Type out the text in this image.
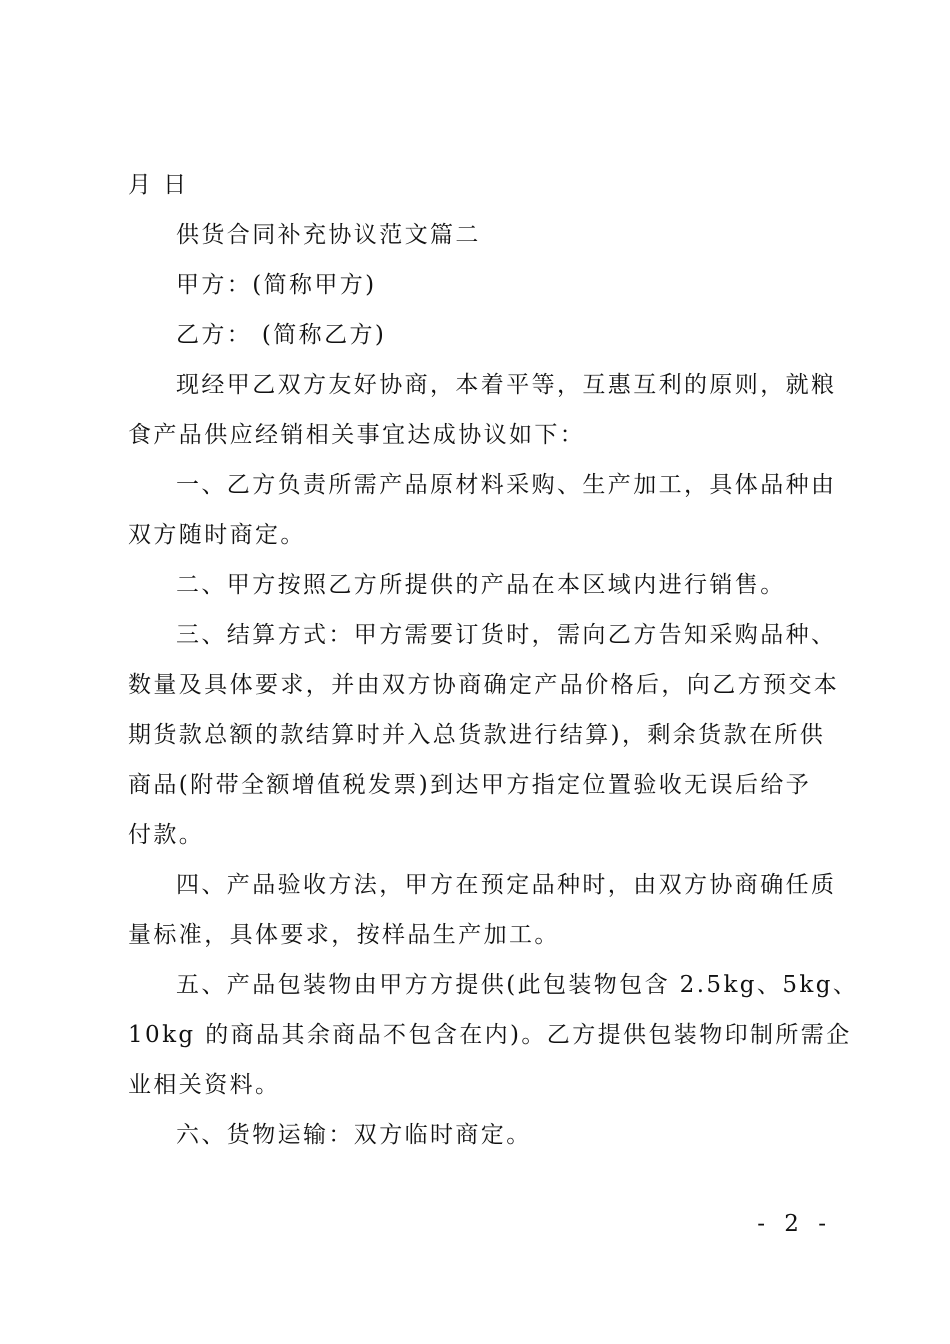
月 日

供货合同补充协议范文篇二

甲方：(简称甲方)

乙方： (简称乙方)

现经甲乙双方友好协商，本着平等，互惠互利的原则，就粮

食产品供应经销相关事宜达成协议如下：

一、乙方负责所需产品原材料采购、生产加工，具体品种由

双方随时商定。

二、甲方按照乙方所提供的产品在本区域内进行销售。

三、结算方式：甲方需要订货时，需向乙方告知采购品种、

数量及具体要求，并由双方协商确定产品价格后，向乙方预交本

期货款总额的款结算时并入总货款进行结算)，剩余货款在所供

商品(附带全额增值税发票)到达甲方指定位置验收无误后给予

付款。

四、产品验收方法，甲方在预定品种时，由双方协商确任质

量标准，具体要求，按样品生产加工。

五、产品包装物由甲方方提供(此包装物包含 2.5kg、5kg、

10kg 的商品其余商品不包含在内)。乙方提供包装物印制所需企

业相关资料。

六、货物运输：双方临时商定。

- 2 -
